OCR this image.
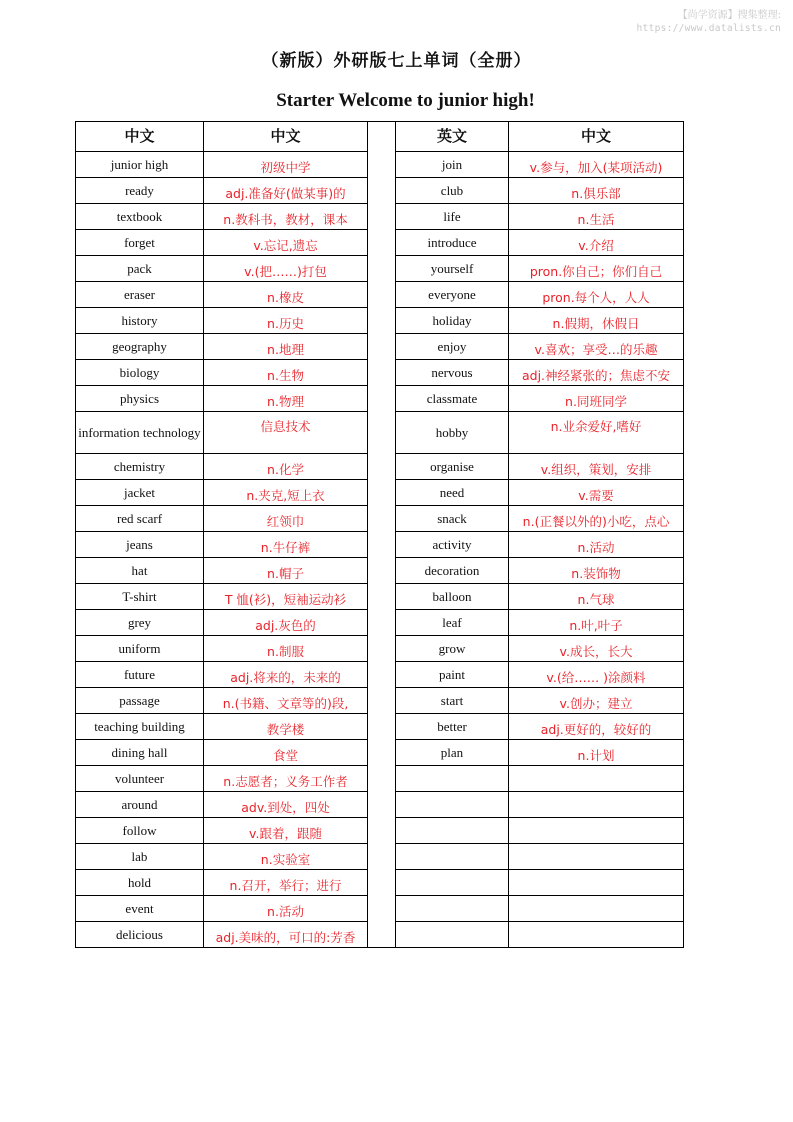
【尚学资源】搜集整理:
https://www.datalists.cn
（新版）外研版七上单词（全册）
Starter Welcome to junior high!
中文	中文		英文	中文
junior high	初级中学		join	v.参与，加入(某项活动)
ready	adj.准备好(做某事)的		club	n.俱乐部
textbook	n.教科书，教材，课本		life	n.生活
forget	v.忘记,遗忘		introduce	v.介绍
pack	v.(把……)打包		yourself	pron.你自己；你们自己
eraser	n.橡皮		everyone	pron.每个人，人人
history	n.历史		holiday	n.假期，休假日
geography	n.地理		enjoy	v.喜欢；享受…的乐趣
biology	n.生物		nervous	adj.神经紧张的；焦虑不安
physics	n.物理		classmate	n.同班同学
information technology	信息技术		hobby	n.业余爱好,嗜好
chemistry	n.化学		organise	v.组织，策划，安排
jacket	n.夹克,短上衣		need	v.需要
red scarf	红领巾		snack	n.(正餐以外的)小吃，点心
jeans	n.牛仔裤		activity	n.活动
hat	n.帽子		decoration	n.装饰物
T-shirt	T 恤(衫)，短袖运动衫		balloon	n.气球
grey	adj.灰色的		leaf	n.叶,叶子
uniform	n.制服		grow	v.成长，长大
future	adj.将来的，未来的		paint	v.(给…… )涂颜料
passage	n.(书籍、文章等的)段,		start	v.创办；建立
teaching building	教学楼		better	adj.更好的，较好的
dining hall	食堂		plan	n.计划
volunteer	n.志愿者；义务工作者			
around	adv.到处，四处			
follow	v.跟着，跟随			
lab	n.实验室			
hold	n.召开，举行；进行			
event	n.活动			
delicious	adj.美味的，可口的:芳香			
